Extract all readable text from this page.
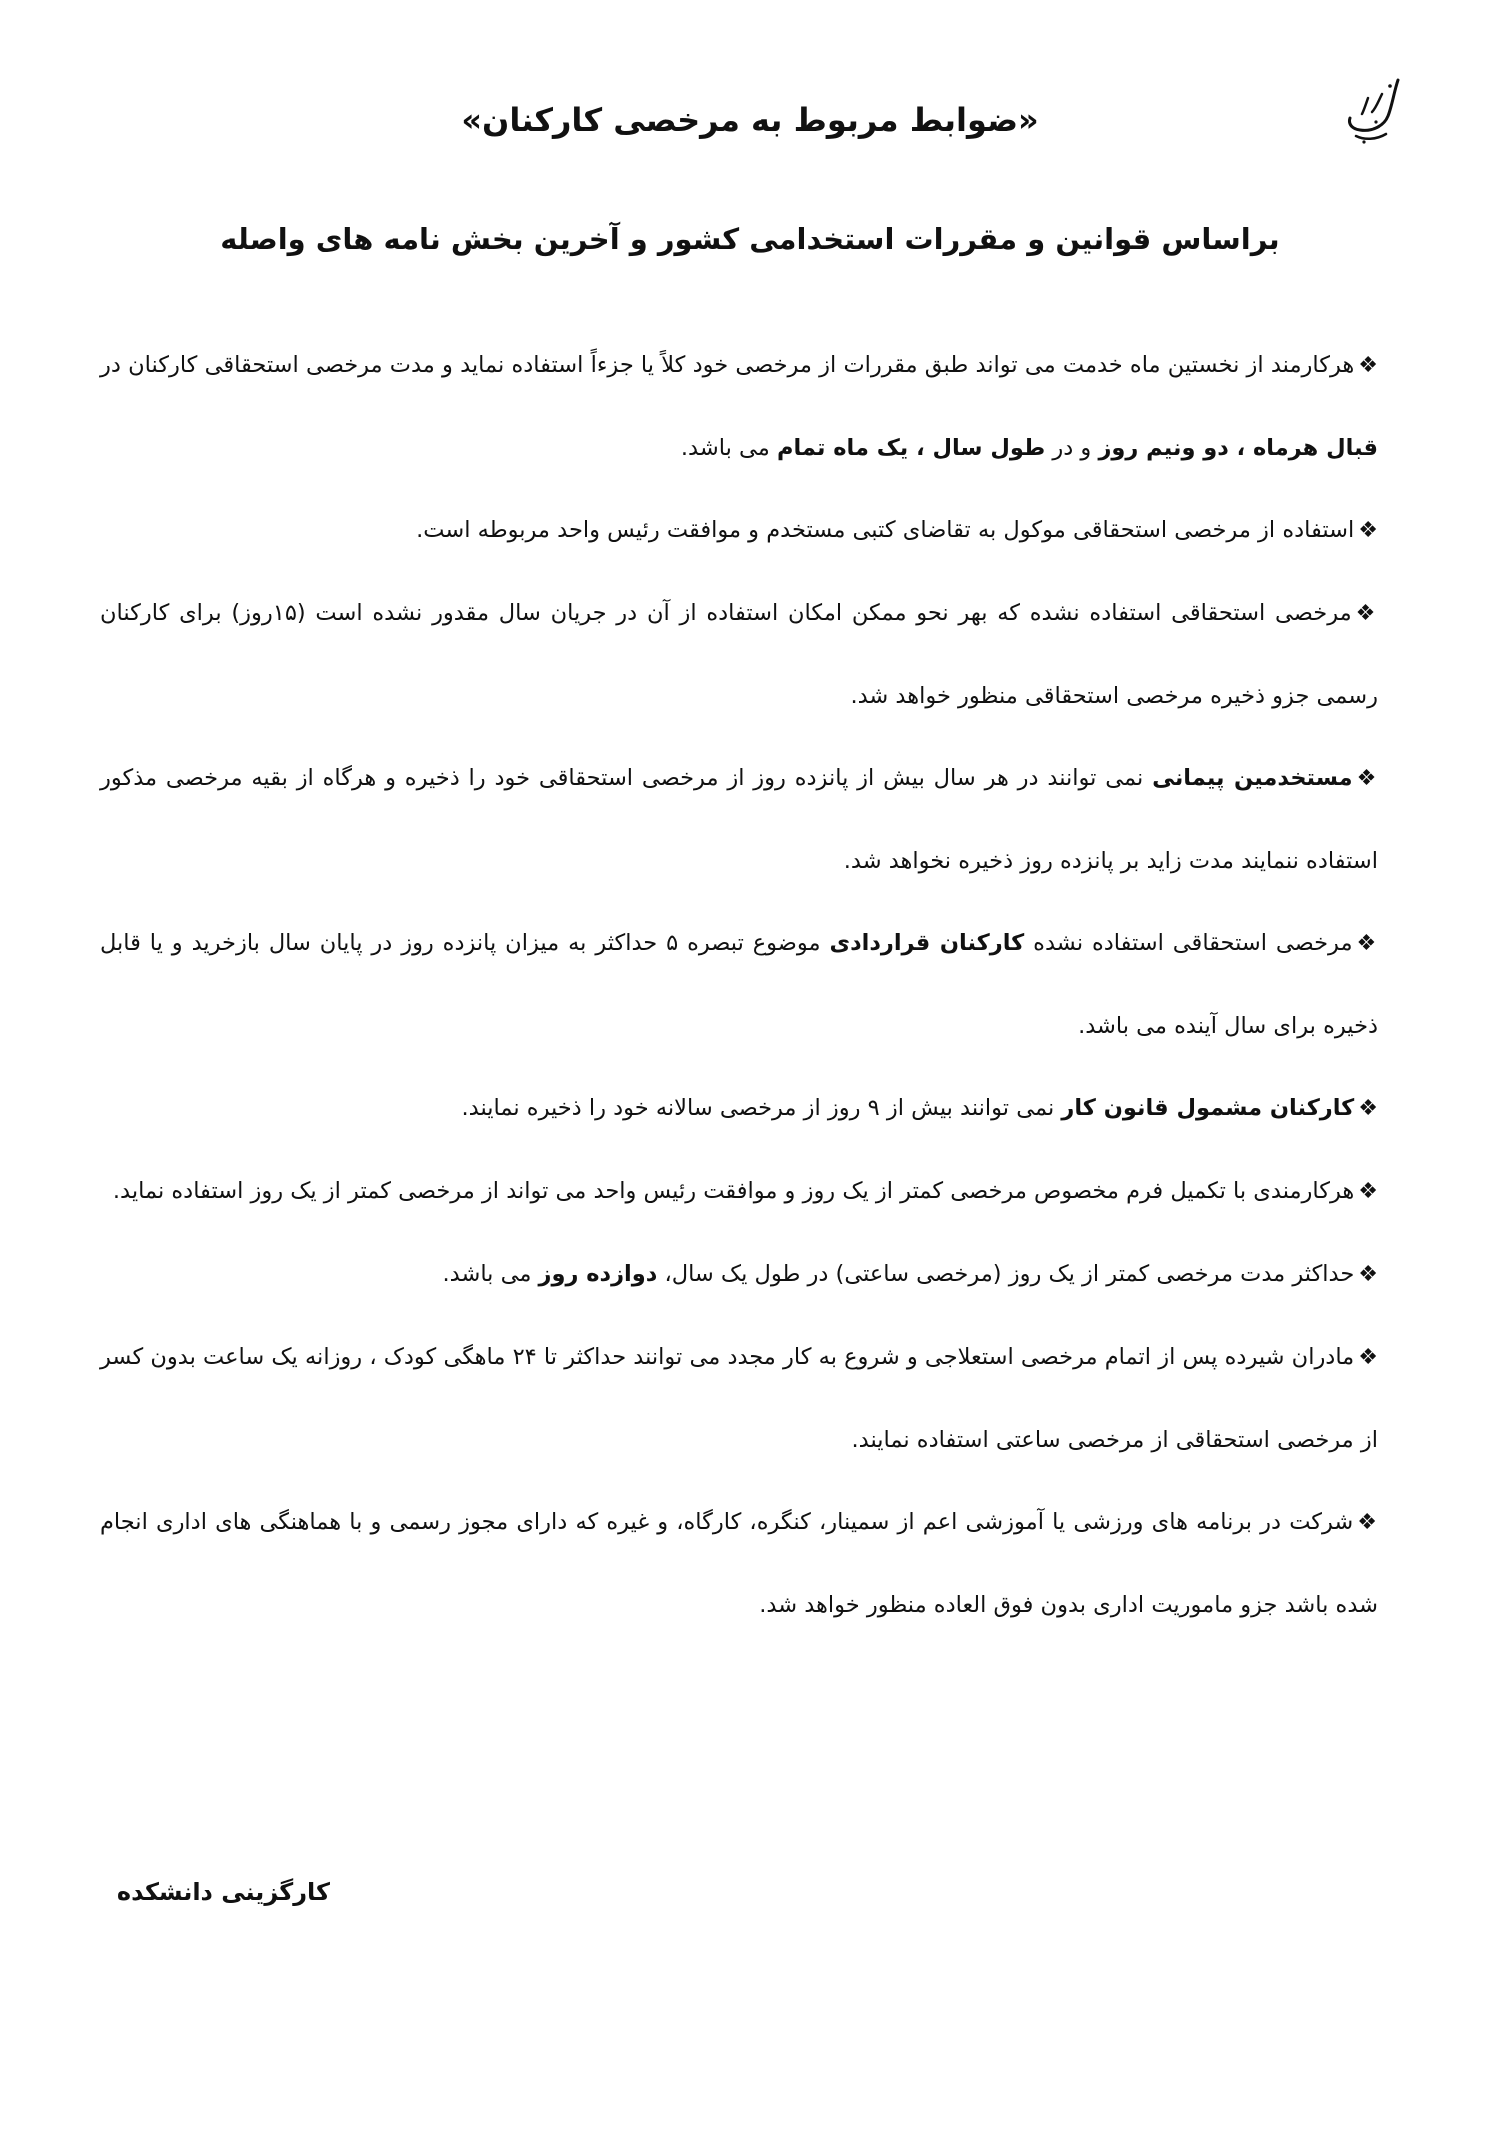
«ضوابط مربوط به مرخصی کارکنان»
براساس قوانین و مقررات استخدامی کشور و آخرین بخش نامه های واصله

❖هرکارمند از نخستین ماه خدمت می تواند طبق مقررات از مرخصی خود کلاً یا جزءاً استفاده نماید و مدت مرخصی استحقاقی کارکنان در قبال هرماه ، دو ونیم روز و در طول سال ، یک ماه تمام می باشد.

❖استفاده از مرخصی استحقاقی موکول به تقاضای کتبی مستخدم و موافقت رئیس واحد مربوطه است.

❖مرخصی استحقاقی استفاده نشده که بهر نحو ممکن امکان استفاده از آن در جریان سال مقدور نشده است (۱۵روز) برای کارکنان رسمی جزو ذخیره مرخصی استحقاقی منظور خواهد شد.

❖مستخدمین پیمانی نمی توانند در هر سال بیش از پانزده روز از مرخصی استحقاقی خود را ذخیره و هرگاه از بقیه مرخصی مذکور استفاده ننمایند مدت زاید بر پانزده روز ذخیره نخواهد شد.

❖مرخصی استحقاقی استفاده نشده کارکنان قراردادی موضوع تبصره ۵ حداکثر به میزان پانزده روز در پایان سال بازخرید و یا قابل ذخیره برای سال آینده می باشد.

❖کارکنان مشمول قانون کار نمی توانند بیش از ۹ روز از مرخصی سالانه خود را ذخیره نمایند.

❖هرکارمندی با تکمیل فرم مخصوص مرخصی کمتر از یک روز و موافقت رئیس واحد می تواند از مرخصی کمتر از یک روز استفاده نماید.

❖حداکثر مدت مرخصی کمتر از یک روز (مرخصی ساعتی) در طول یک سال، دوازده روز می باشد.

❖مادران شیرده پس از اتمام مرخصی استعلاجی و شروع به کار مجدد می توانند حداکثر تا ۲۴ ماهگی کودک ، روزانه یک ساعت بدون کسر از مرخصی استحقاقی از مرخصی ساعتی استفاده نمایند.

❖شرکت در برنامه های ورزشی یا آموزشی اعم از سمینار، کنگره، کارگاه، و غیره که دارای مجوز رسمی و با هماهنگی های اداری انجام شده باشد جزو ماموریت اداری بدون فوق العاده منظور خواهد شد.

کارگزینی دانشکده
